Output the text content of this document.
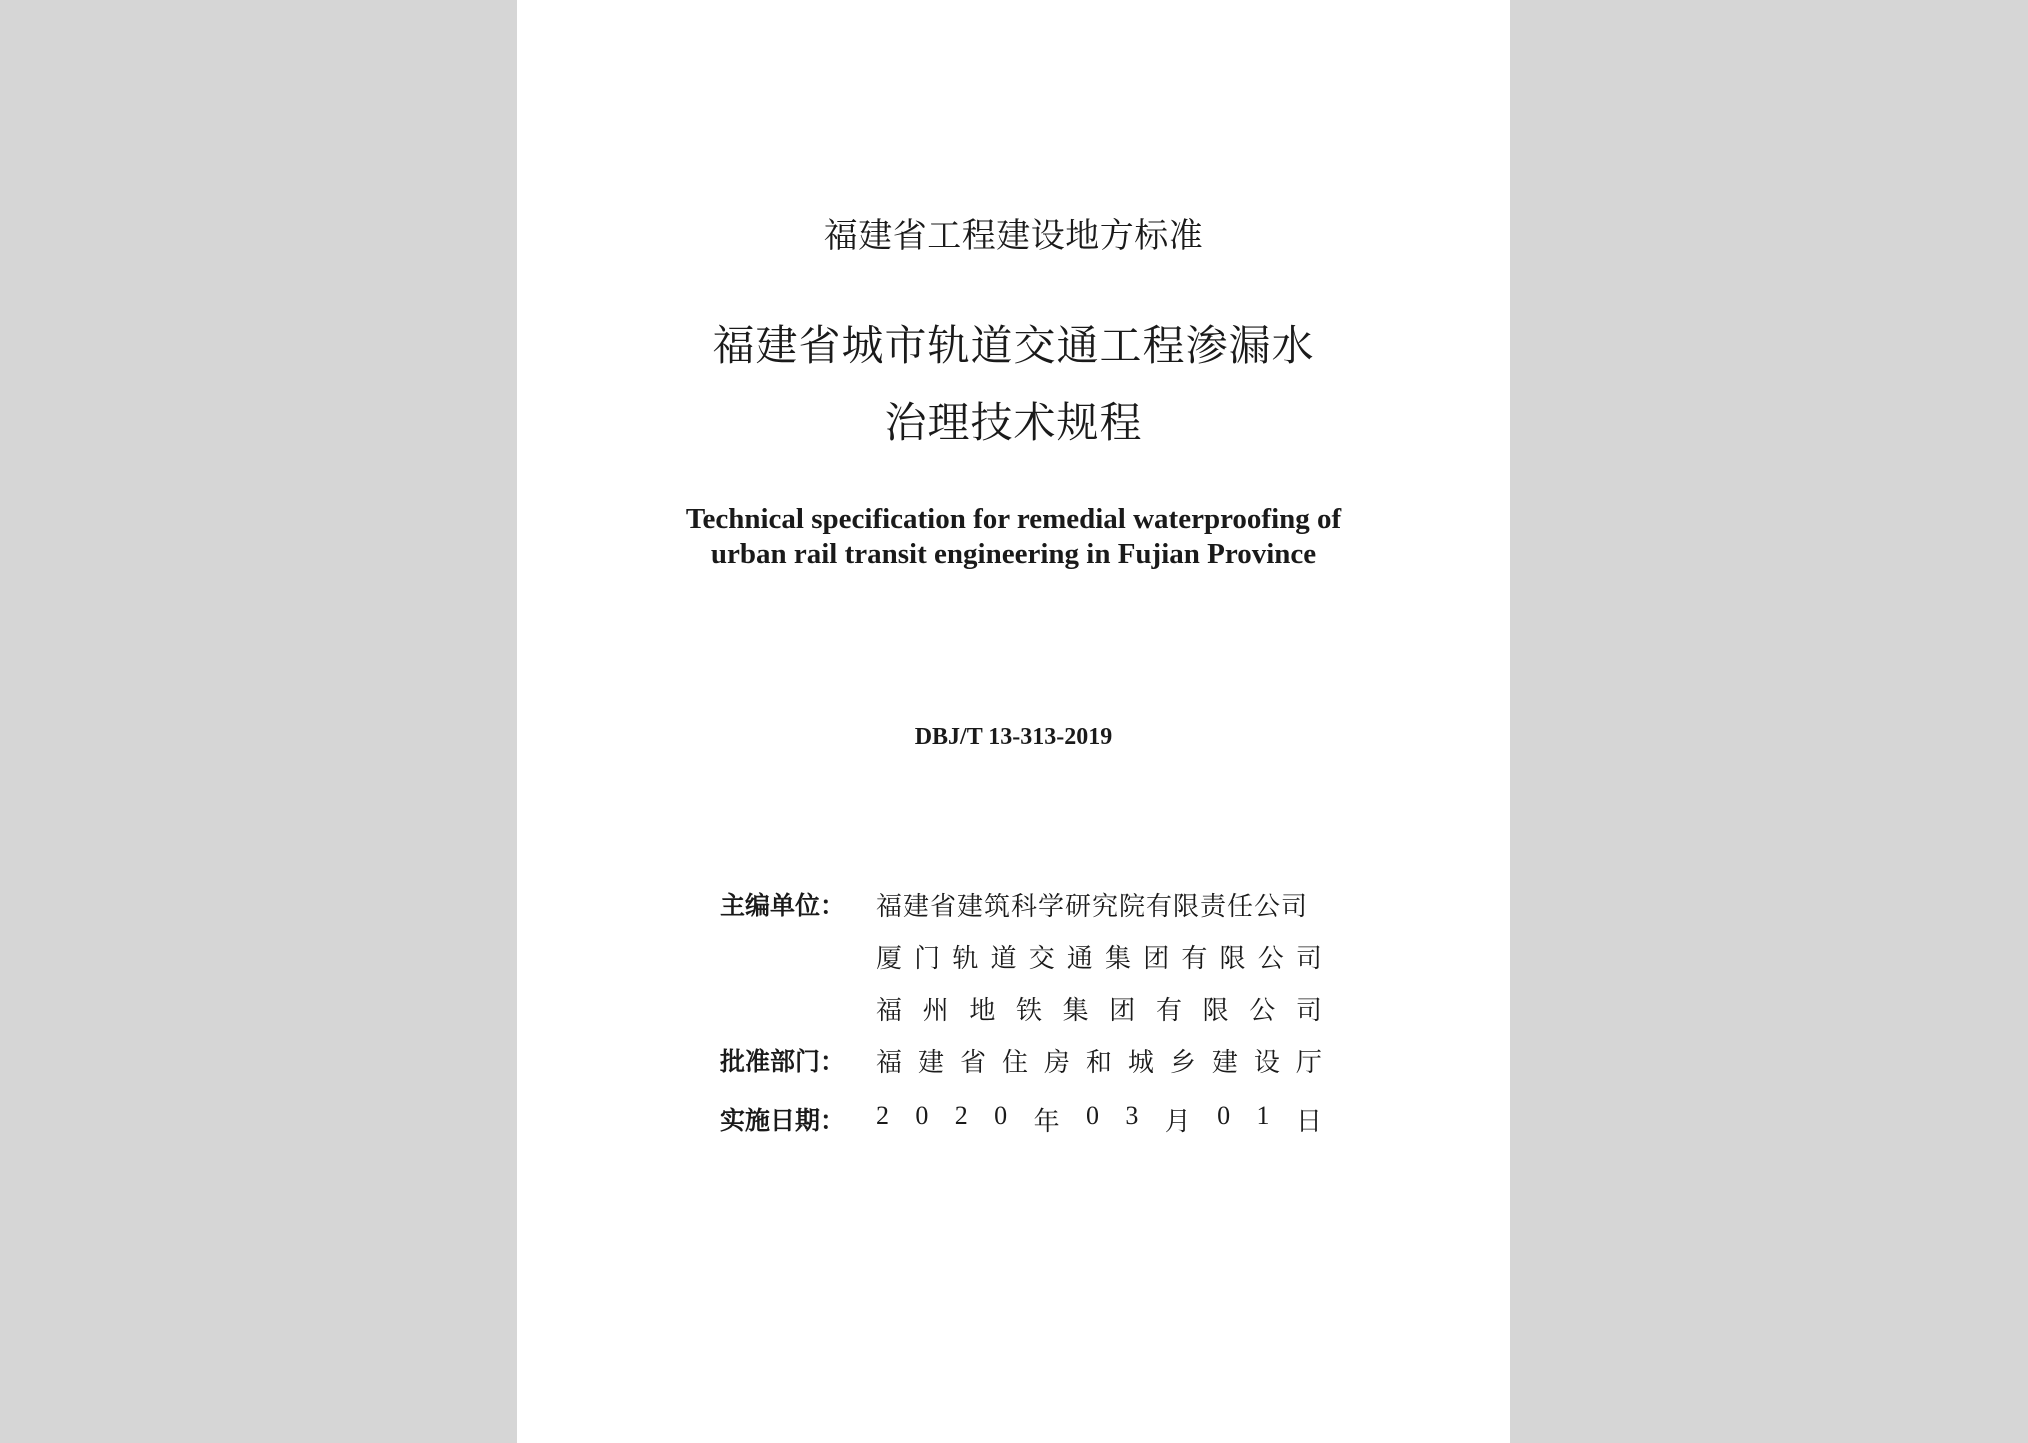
福建省工程建设地方标准
福建省城市轨道交通工程渗漏水
治理技术规程
Technical specification for remedial waterproofing of
urban rail transit engineering in Fujian Province
DBJ/T 13-313-2019
主编单位：	福建省建筑科学研究院有限责任公司
厦 门 轨 道 交 通 集 团 有 限 公 司
福 州 地 铁 集 团 有 限 公 司
批准部门：	福 建 省 住 房 和 城 乡 建 设 厅
实施日期：	2 0 2 0 年 0 3 月 0 1 日
